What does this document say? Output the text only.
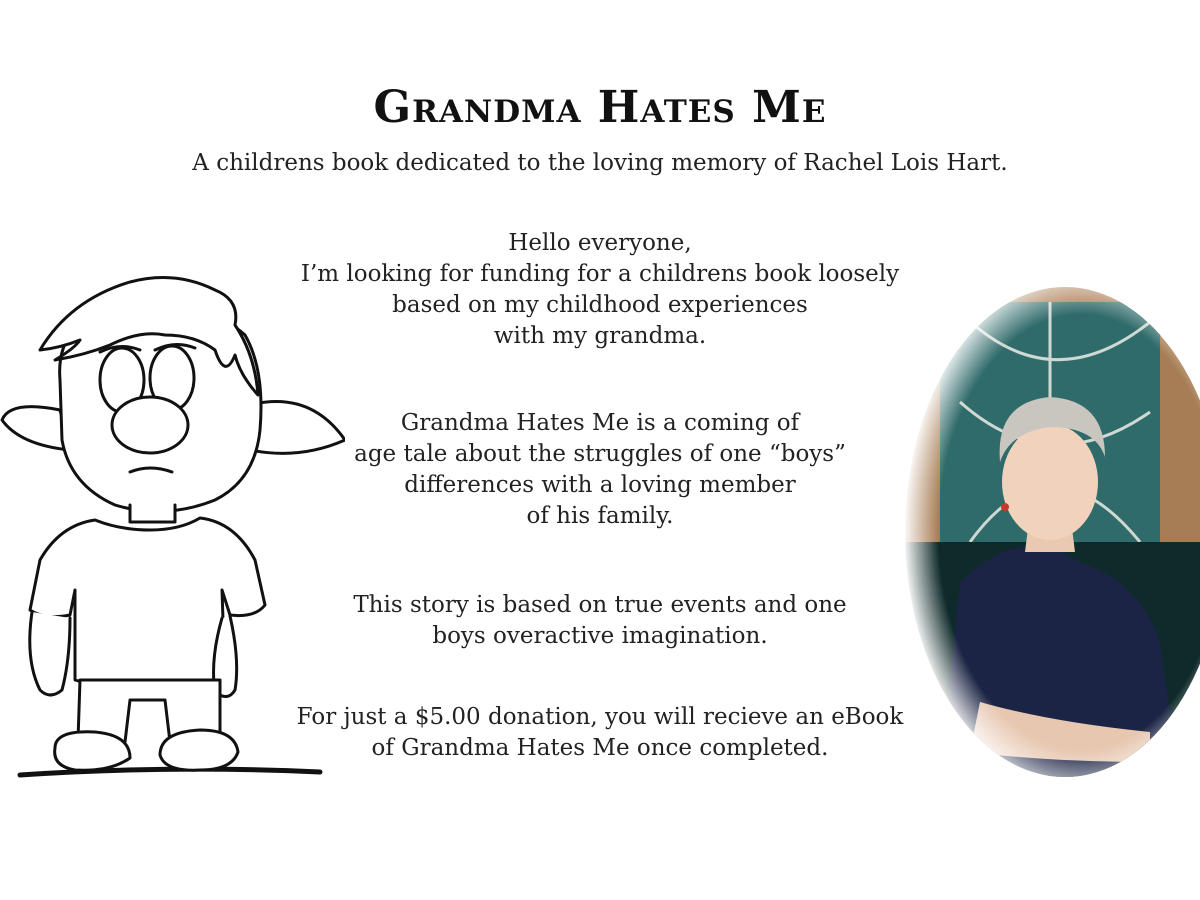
Grandma Hates Me

A childrens book dedicated to the loving memory of Rachel Lois Hart.

Hello everyone,
I’m looking for funding for a childrens book loosely
based on my childhood experiences
with my grandma.

Grandma Hates Me is a coming of
age tale about the struggles of one “boys”
differences with a loving member
of his family.

This story is based on true events and one
boys overactive imagination.

For just a $5.00 donation, you will recieve an eBook
of Grandma Hates Me once completed.
